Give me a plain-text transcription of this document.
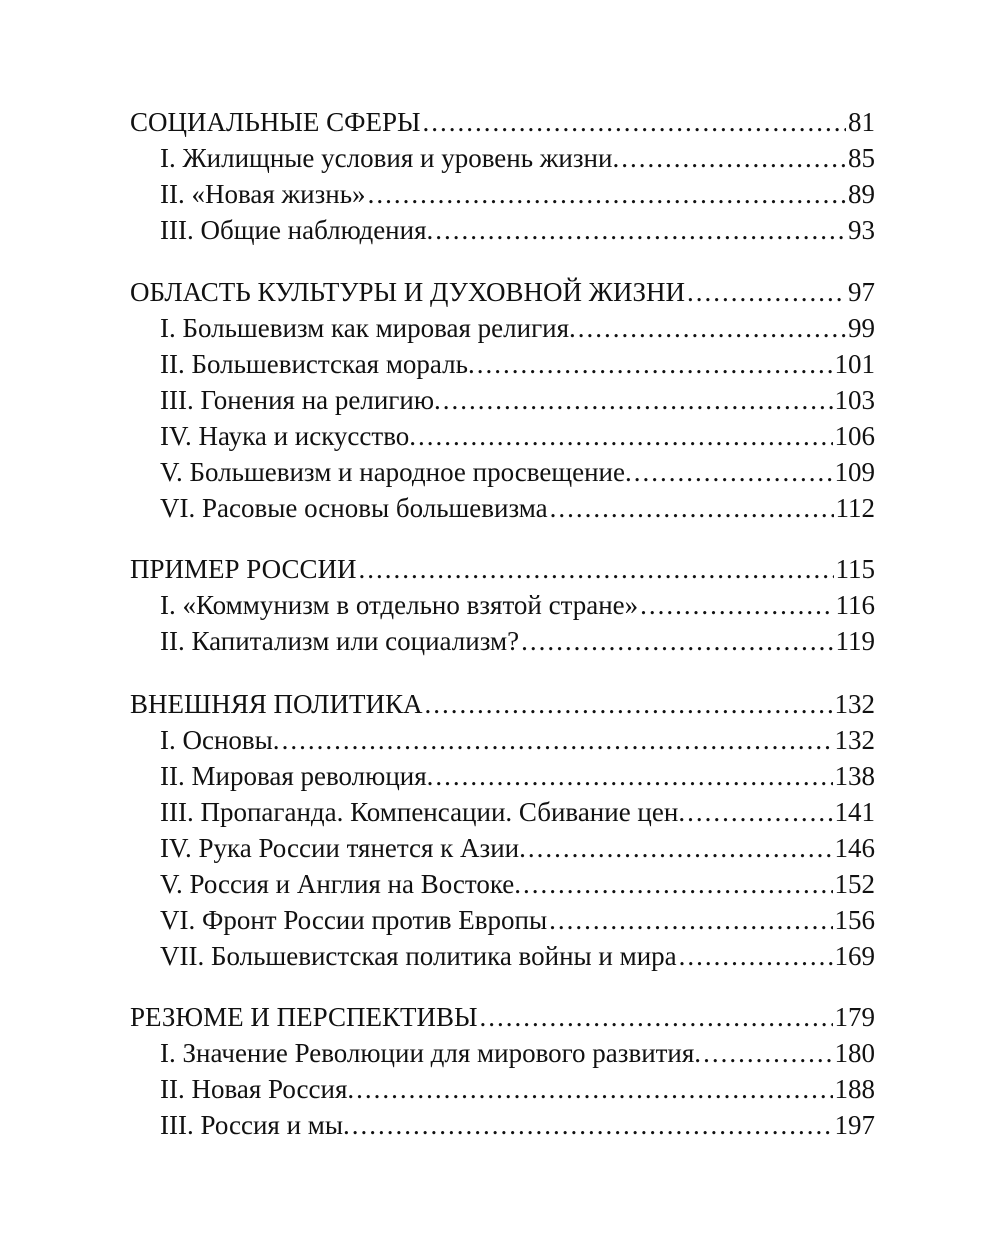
СОЦИАЛЬНЫЕ СФЕРЫ .....	81
I. Жилищные условия и уровень жизни. .....	85
II. «Новая жизнь» .....	89
III. Общие наблюдения. .....	93
ОБЛАСТЬ КУЛЬТУРЫ И ДУХОВНОЙ ЖИЗНИ .....	97
I. Большевизм как мировая религия. .....	99
II. Большевистская мораль. .....	101
III. Гонения на религию. .....	103
IV. Наука и искусство. .....	106
V. Большевизм и народное просвещение. .....	109
VI. Расовые основы большевизма .....	112
ПРИМЕР РОССИИ .....	115
I. «Коммунизм в отдельно взятой стране» .....	116
II. Капитализм или социализм? .....	119
ВНЕШНЯЯ ПОЛИТИКА .....	132
I. Основы. .....	132
II. Мировая революция. .....	138
III. Пропаганда. Компенсации. Сбивание цен. .....	141
IV. Рука России тянется к Азии. .....	146
V. Россия и Англия на Востоке. .....	152
VI. Фронт России против Европы .....	156
VII. Большевистская политика войны и мира .....	169
РЕЗЮМЕ И ПЕРСПЕКТИВЫ .....	179
I. Значение Революции для мирового развития. .....	180
II. Новая Россия. .....	188
III. Россия и мы. .....	197
